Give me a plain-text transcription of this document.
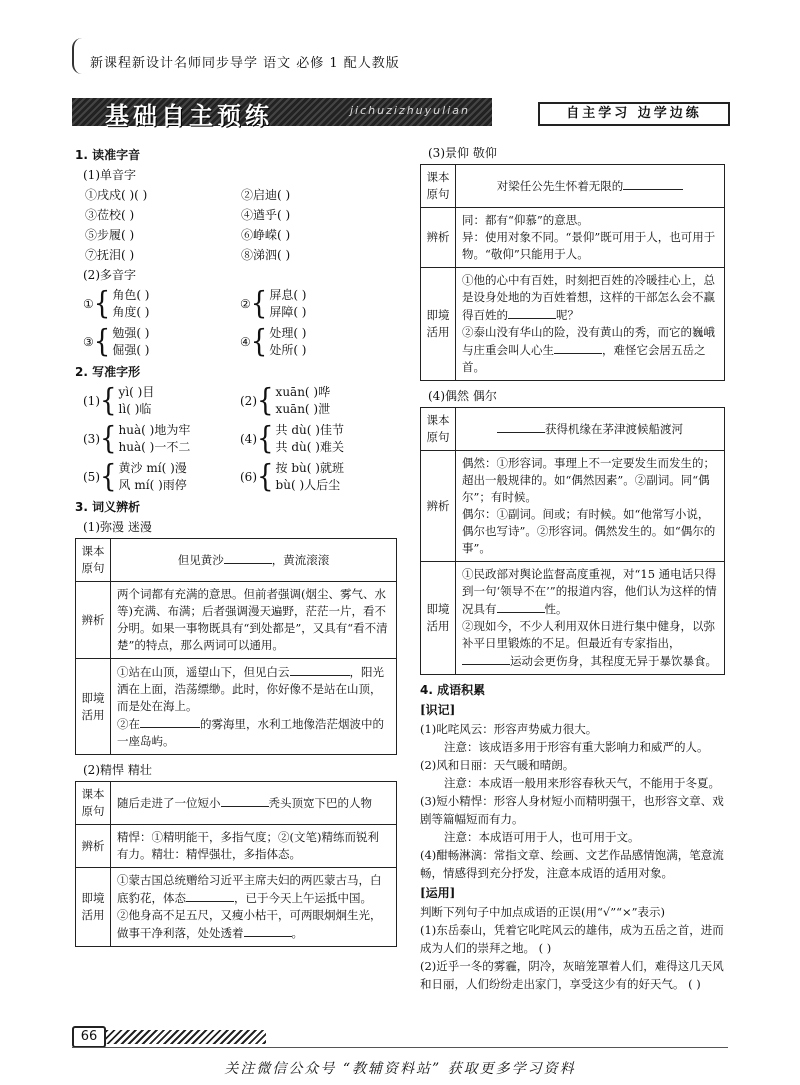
新课程新设计名师同步导学 语文 必修 1 配人教版
基础自主预练	jichuzizhuyulian	自主学习 边学边练
1. 读准字音
(1)单音字
①戌戍( )( )	②启迪( )
③莅校( )	④遒乎( )
⑤步履( )	⑥峥嵘( )
⑦抚泪( )	⑧涕泗( )
(2)多音字
① { 角色( )
角度( )
② { 屏息( )
屏障( )
③ { 勉强( )
倔强( )
④ { 处理( )
处所( )
2. 写准字形
(1) { yì( )目
lì( )临
(2) { xuān( )哗
xuān( )泄
(3) { huà( )地为牢
huà( )一不二
(4) { 共 dù( )佳节
共 dù( )难关
(5) { 黄沙 mí( )漫
风 mí( )雨停
(6) { 按 bù( )就班
bù( )人后尘
3. 词义辨析
(1)弥漫 迷漫
课本原句	但见黄沙 ，黄流滚滚
辨析	两个词都有充满的意思。但前者强调(烟尘、雾气、水等)充满、布满；后者强调漫天遍野，茫茫一片，看不分明。如果一事物既具有“到处都是”，又具有“看不清楚”的特点，那么两词可以通用。
即境活用	①站在山顶，遥望山下，但见白云 ，阳光洒在上面，浩荡缥缈。此时，你好像不是站在山顶，而是处在海上。
②在 的雾海里，水利工地像浩茫烟波中的一座岛屿。
(2)精悍 精壮
课本原句	随后走进了一位短小 秃头顶宽下巴的人物
辨析	精悍：①精明能干，多指气度；②(文笔)精练而锐利有力。精壮：精悍强壮，多指体态。
即境活用	①蒙古国总统赠给习近平主席夫妇的两匹蒙古马，白底豹花，体态 ，已于今天上午运抵中国。
②他身高不足五尺，又瘦小枯干，可两眼炯炯生光，做事干净利落，处处透着 。
(3)景仰 敬仰
课本原句	对梁任公先生怀着无限的
辨析	同：都有“仰慕”的意思。
异：使用对象不同。“景仰”既可用于人，也可用于物。“敬仰”只能用于人。
即境活用	①他的心中有百姓，时刻把百姓的冷暖挂心上，总是设身处地的为百姓着想，这样的干部怎么会不赢得百姓的 呢？
②泰山没有华山的险，没有黄山的秀，而它的巍峨与庄重会叫人心生 ，难怪它会居五岳之首。
(4)偶然 偶尔
课本原句	获得机缘在茅津渡候船渡河
辨析	偶然：①形容词。事理上不一定要发生而发生的；超出一般规律的。如“偶然因素”。②副词。同“偶尔”；有时候。
偶尔：①副词。间或；有时候。如“他常写小说，偶尔也写诗”。②形容词。偶然发生的。如“偶尔的事”。

即境活用	①民政部对舆论监督高度重视，对“15 通电话只得到一句‘领导不在’”的报道内容，他们认为这样的情况具有 性。
②现如今，不少人利用双休日进行集中健身，以弥补平日里锻炼的不足。但最近有专家指出，运动会更伤身，其程度无异于暴饮暴食。
4. 成语积累
[识记]
(1)叱咤风云：形容声势威力很大。
注意：该成语多用于形容有重大影响力和威严的人。
(2)风和日丽：天气暖和晴朗。
注意：本成语一般用来形容春秋天气，不能用于冬夏。
(3)短小精悍：形容人身材短小而精明强干，也形容文章、戏剧等篇幅短而有力。
注意：本成语可用于人，也可用于文。
(4)酣畅淋漓：常指文章、绘画、文艺作品感情饱满，笔意流畅，情感得到充分抒发，注意本成语的适用对象。
[运用]
判断下列句子中加点成语的正误(用“√”“×”表示)
(1)东岳泰山，凭着它叱咤风云的雄伟，成为五岳之首，进而成为人们的崇拜之地。 ( )
(2)近乎一冬的雾霾，阴冷，灰暗笼罩着人们，难得这几天风和日丽，人们纷纷走出家门，享受这少有的好天气。 ( )
66
关注微信公众号 “教辅资料站” 获取更多学习资料
